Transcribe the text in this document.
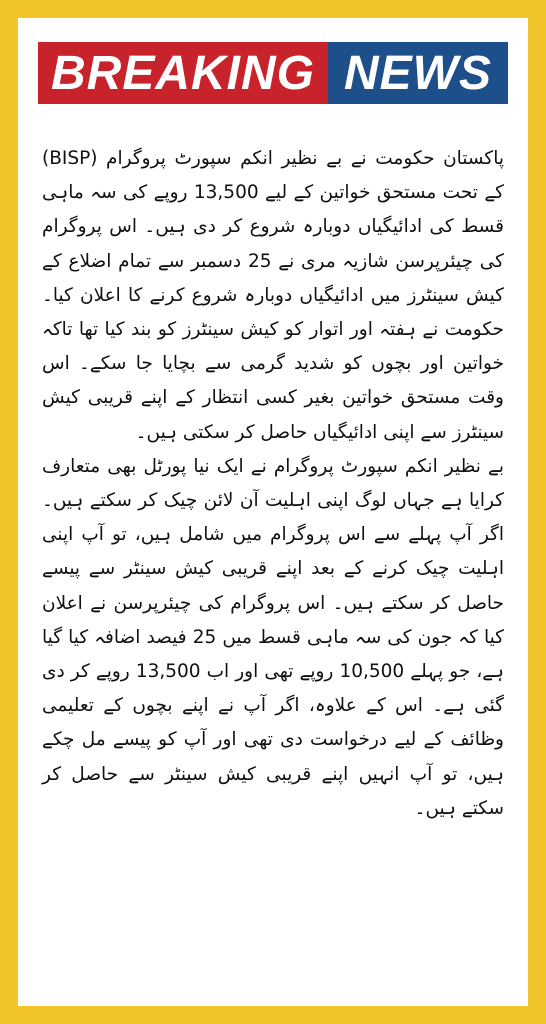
BREAKING NEWS

پاکستان حکومت نے بے نظیر انکم سپورٹ پروگرام (BISP) کے تحت مستحق خواتین کے لیے 13,500 روپے کی سہ ماہی قسط کی ادائیگیاں دوبارہ شروع کر دی ہیں۔ اس پروگرام کی چیئرپرسن شازیہ مری نے 25 دسمبر سے تمام اضلاع کے کیش سینٹرز میں ادائیگیاں دوبارہ شروع کرنے کا اعلان کیا۔ حکومت نے ہفتہ اور اتوار کو کیش سینٹرز کو بند کیا تھا تاکہ خواتین اور بچوں کو شدید گرمی سے بچایا جا سکے۔ اس وقت مستحق خواتین بغیر کسی انتظار کے اپنے قریبی کیش سینٹرز سے اپنی ادائیگیاں حاصل کر سکتی ہیں۔

بے نظیر انکم سپورٹ پروگرام نے ایک نیا پورٹل بھی متعارف کرایا ہے جہاں لوگ اپنی اہلیت آن لائن چیک کر سکتے ہیں۔ اگر آپ پہلے سے اس پروگرام میں شامل ہیں، تو آپ اپنی اہلیت چیک کرنے کے بعد اپنے قریبی کیش سینٹر سے پیسے حاصل کر سکتے ہیں۔ اس پروگرام کی چیئرپرسن نے اعلان کیا کہ جون کی سہ ماہی قسط میں 25 فیصد اضافہ کیا گیا ہے، جو پہلے 10,500 روپے تھی اور اب 13,500 روپے کر دی گئی ہے۔ اس کے علاوہ، اگر آپ نے اپنے بچوں کے تعلیمی وظائف کے لیے درخواست دی تھی اور آپ کو پیسے مل چکے ہیں، تو آپ انہیں اپنے قریبی کیش سینٹر سے حاصل کر سکتے ہیں۔
